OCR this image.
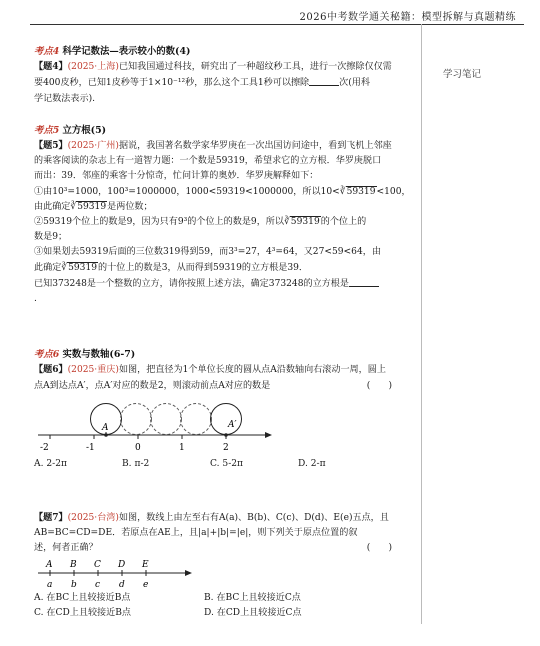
2026中考数学通关秘籍：模型拆解与真题精练
学习笔记

考点4 科学记数法—表示较小的数(4)

【题4】(2025·上海)已知我国通过科技，研究出了一种超纹秒工具，进行一次擦除仅仅需

要400皮秒，已知1皮秒等于1×10⁻¹²秒，那么这个工具1秒可以擦除	次(用科

学记数法表示).

考点5 立方根(5)

【题5】(2025·广州)据说，我国著名数学家华罗庚在一次出国访问途中，看到飞机上邻座

的乘客阅读的杂志上有一道智力题：一个数是59319，希望求它的立方根．华罗庚脱口

而出：39．邻座的乘客十分惊奇，忙问计算的奥妙．华罗庚解释如下：

①由10³=1000，100³=1000000，1000<59319<1000000，所以10<∛59319<100，

由此确定∛59319是两位数；

②59319个位上的数是9，因为只有9³的个位上的数是9，所以∛59319的个位上的

数是9；

③如果划去59319后面的三位数319得到59，而3³=27，4³=64，又27<59<64，由

此确定∛59319的十位上的数是3，从而得到59319的立方根是39．

已知373248是一个整数的立方，请你按照上述方法，确定373248的立方根是

.

考点6 实数与数轴(6-7)

【题6】(2025·重庆)如图，把直径为1个单位长度的圆从点A沿数轴向右滚动一周，圆上

点A到达点A′，点A′对应的数是2，则滚动前点A对应的数是	(　　)

A	A′
-2	-1	0	1	2
A. 2-2π	B. π-2	C. 5-2π	D. 2-π

【题7】(2025·台湾)如图，数线上由左至右有A(a)、B(b)、C(c)、D(d)、E(e)五点，且

AB=BC=CD=DE．若原点在AE上，且|a|+|b|=|e|，则下列关于原点位置的叙

述，何者正确？	(　　)

A B C D E
a b c d e
A. 在BC上且较接近B点	B. 在BC上且较接近C点
C. 在CD上且较接近B点	D. 在CD上且较接近C点
